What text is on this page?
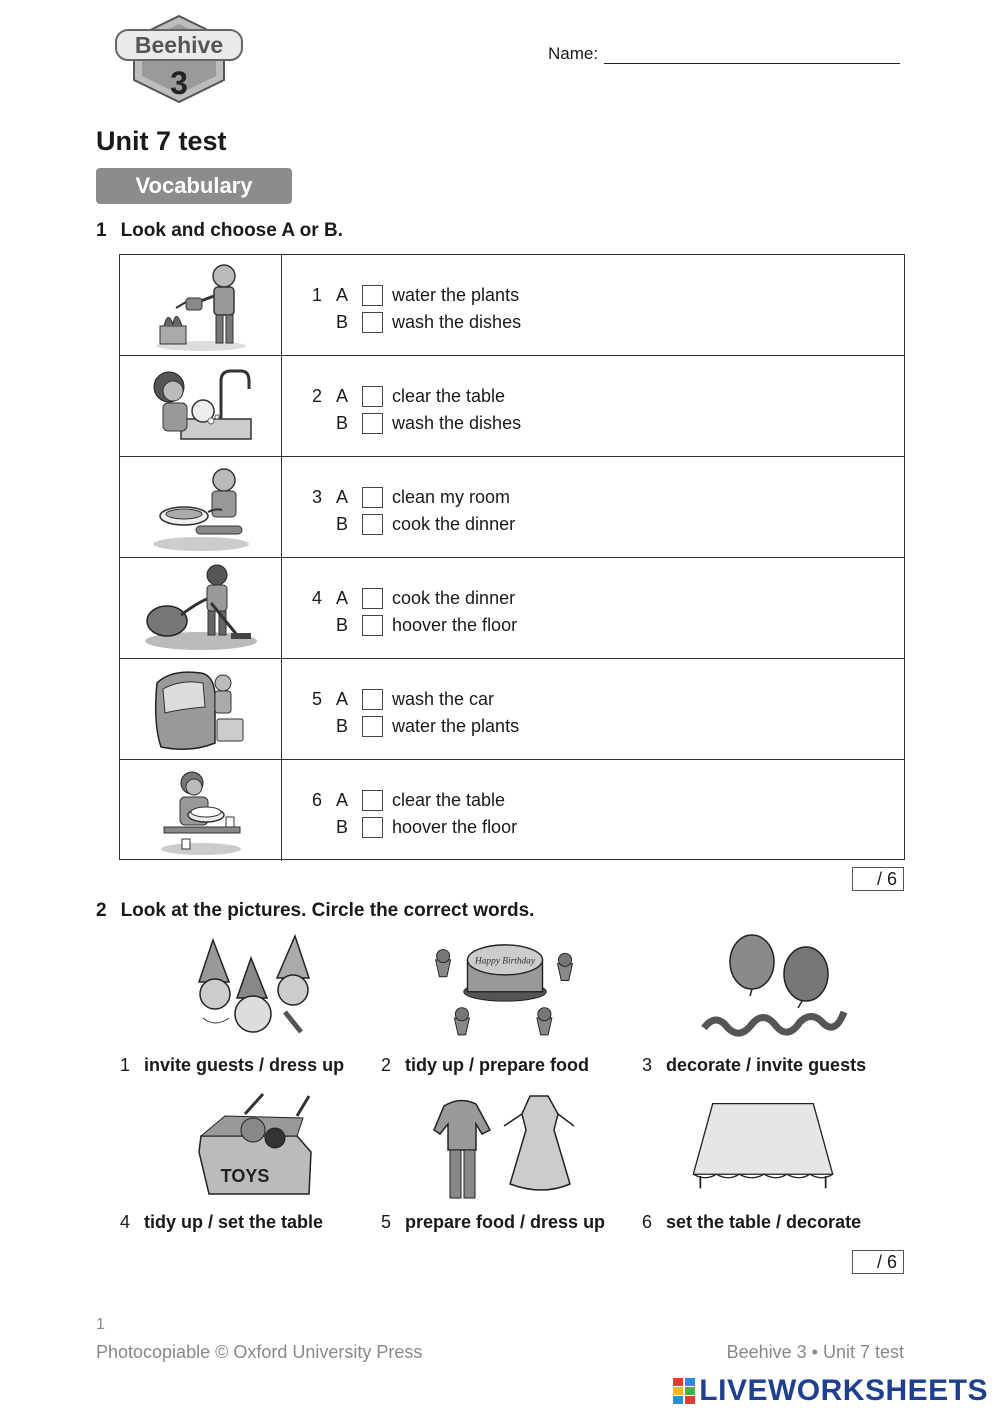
Beehive
3
Name:
Unit 7 test
Vocabulary
1 Look and choose A or B.
1 A	water the plants
B	wash the dishes
2 A	clear the table
B	wash the dishes
3 A	clean my room
B	cook the dinner
4 A	cook the dinner
B	hoover the floor
5 A	wash the car
B	water the plants
6 A	clear the table
B	hoover the floor
/ 6
2 Look at the pictures. Circle the correct words.
Happy Birthday
1 invite guests / dress up 2 tidy up / prepare food	3 decorate / invite guests
TOYS
4 tidy up / set the table	5 prepare food / dress up 6 set the table / decorate
/ 6
1
Photocopiable © Oxford University Press	Beehive 3 • Unit 7 test
LIVEWORKSHEETS
